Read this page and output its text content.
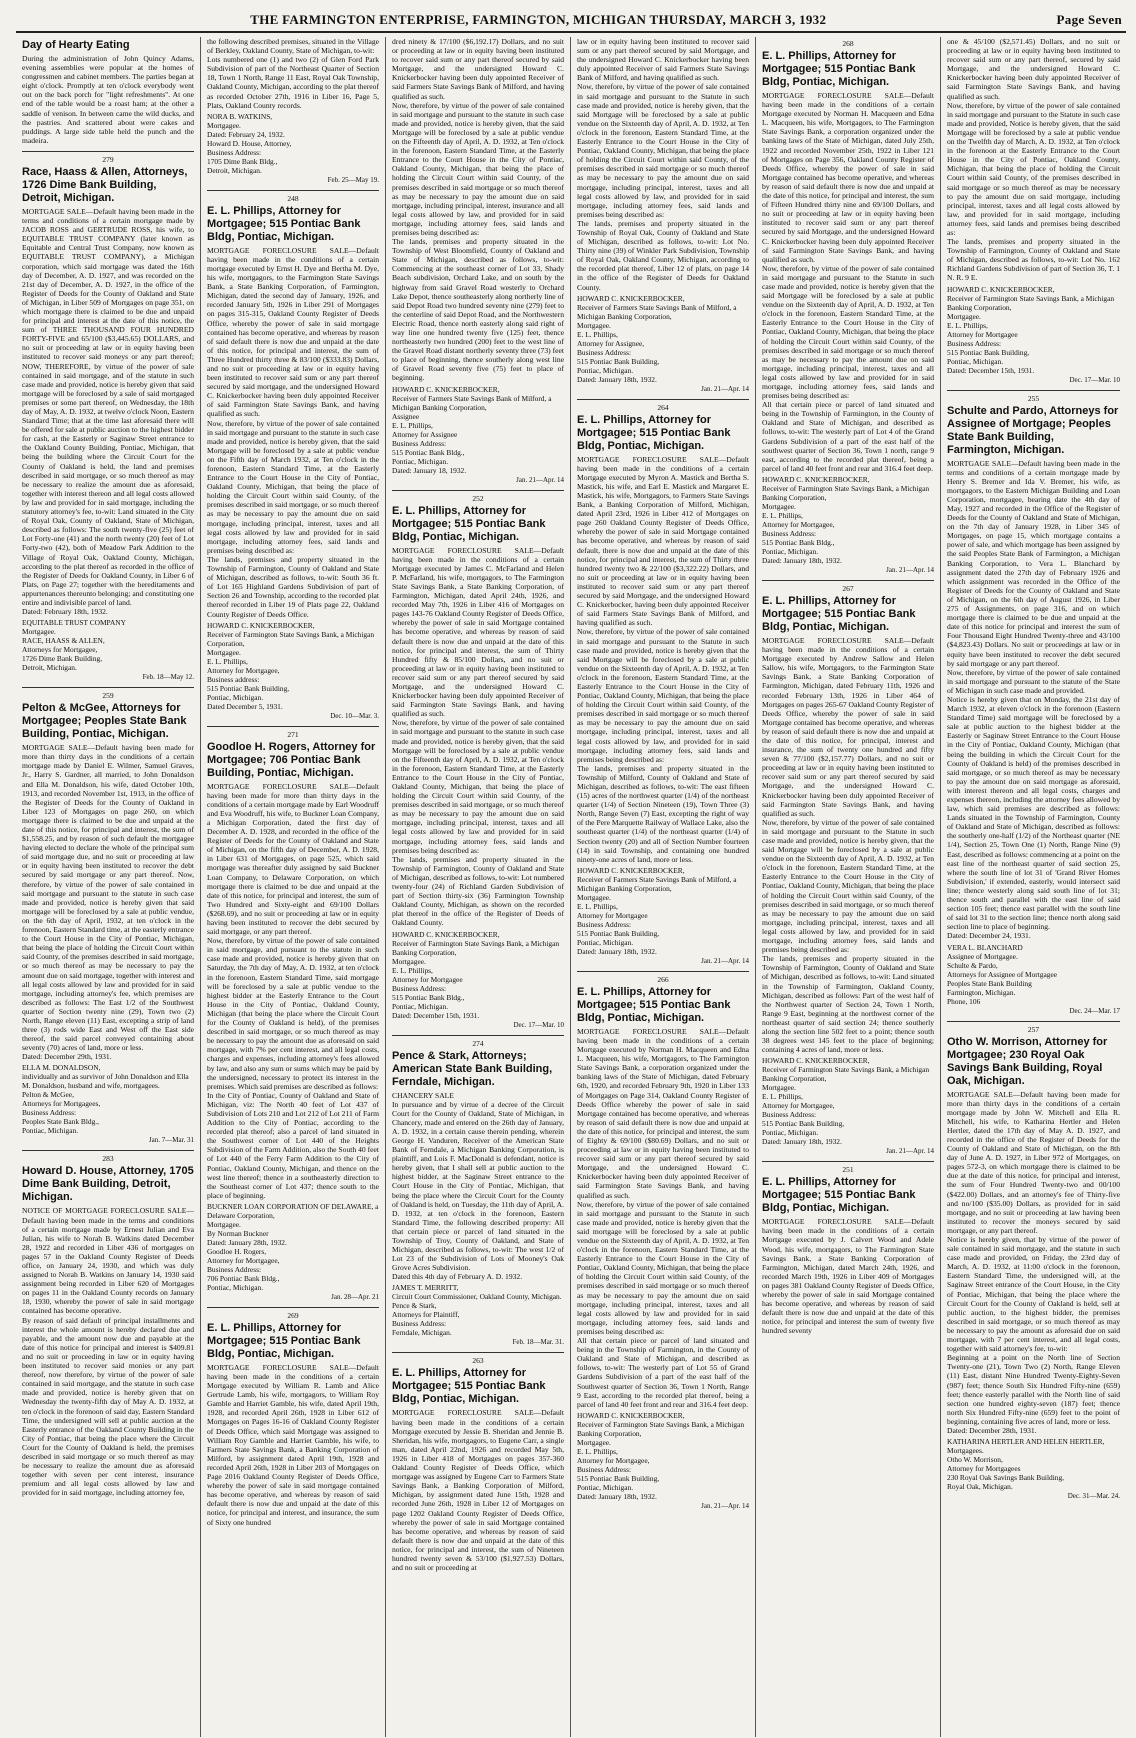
THE FARMINGTON ENTERPRISE, FARMINGTON, MICHIGAN THURSDAY, MARCH 3, 1932	Page Seven
Day of Hearty Eating
During the administration of John Quincy Adams, evening assemblies were popular at the homes of congressmen and cabinet members. The parties began at eight o'clock. Promptly at ten o'clock everybody went out on the back porch for "light refreshments". At one end of the table would be a roast ham; at the other a saddle of venison. In between came the wild ducks, and the pastries. And scattered about were cakes and puddings. A large side table held the punch and the madeira.
279
Race, Haass & Allen, Attorneys, 1726 Dime Bank Building, Detroit, Michigan.
MORTGAGE SALE—Default having been made in the terms and conditions of a certain mortgage made by JACOB ROSS and GERTRUDE ROSS, his wife, to EQUITABLE TRUST COMPANY (later known as Equitable and Central Trust Company, now known as EQUITABLE TRUST COMPANY), a Michigan corporation, which said mortgage was dated the 16th day of December, A. D. 1927, and was recorded on the 21st day of December, A. D. 1927, in the office of the Register of Deeds for the County of Oakland and State of Michigan, in Liber 509 of Mortgages on page 351, on which mortgage there is claimed to be due and unpaid for principal and interest at the date of this notice, the sum of THREE THOUSAND FOUR HUNDRED FORTY-FIVE and 65/100 ($3,445.65) DOLLARS, and no suit or proceeding at law or in equity having been instituted to recover said moneys or any part thereof; NOW, THEREFORE, by virtue of the power of sale contained in said mortgage, and of the statute in such case made and provided, notice is hereby given that said mortgage will be foreclosed by a sale of said mortgaged premises or some part thereof, on Wednesday, the 18th day of May, A. D. 1932, at twelve o'clock Noon, Eastern Standard Time; that at the time last aforesaid there will be offered for sale at public auction to the highest bidder for cash, at the Easterly or Saginaw Street entrance to the Oakland County Building, Pontiac, Michigan, that being the building where the Circuit Court for the County of Oakland is held, the land and premises described in said mortgage, or so much thereof as may be necessary to realize the amount due as aforesaid, together with interest thereon and all legal costs allowed by law and provided for in said mortgage, including the statutory attorney's fee, to-wit: Land situated in the City of Royal Oak, County of Oakland, State of Michigan, described as follows: The south twenty-five (25) feet of Lot Forty-one (41) and the north twenty (20) feet of Lot Forty-two (42), both of Meadow Park Addition to the Village of Royal Oak, Oakland County, Michigan, according to the plat thereof as recorded in the office of the Register of Deeds for Oakland County, in Liber 6 of Plats, on Page 27; together with the hereditaments and appurtenances thereunto belonging; and constituting one entire and indivisible parcel of land.
Dated: February 18th, 1932.
EQUITABLE TRUST COMPANY
Mortgagee.
RACE, HAASS & ALLEN,
Attorneys for Mortgagee,
1726 Dime Bank Building,
Detroit, Michigan.
Feb. 18—May 12.
259
Pelton & McGee, Attorneys for Mortgagee; Peoples State Bank Building, Pontiac, Michigan.
MORTGAGE SALE—Default having been made for more than thirty days in the conditions of a certain mortgage made by Daniel E. Wilmer, Samuel Graves, Jr., Harry S. Gardner, all married, to John Donaldson and Ella M. Donaldson, his wife, dated October 10th, 1913, and recorded November 1st, 1913, in the office of the Register of Deeds for the County of Oakland in Liber 123 of Mortgages on page 260, on which mortgage there is claimed to be due and unpaid at the date of this notice, for principal and interest, the sum of $1,558.25, and by reason of such default the mortgagee having elected to declare the whole of the principal sum of said mortgage due, and no suit or proceeding at law or in equity having been instituted to recover the debt secured by said mortgage or any part thereof. Now, therefore, by virtue of the power of sale contained in said mortgage and pursuant to the statute in such case made and provided, notice is hereby given that said mortgage will be foreclosed by a sale at public vendue, on the 6th day of April, 1932, at ten o'clock in the forenoon, Eastern Standard time, at the easterly entrance to the Court House in the City of Pontiac, Michigan, that being the place of holding the Circuit Court within said County, of the premises described in said mortgage, or so much thereof as may be necessary to pay the amount due on said mortgage, together with interest and all legal costs allowed by law and provided for in said mortgage, including attorney's fee, which premises are described as follows: The East 1/2 of the Southwest quarter of Section twenty nine (29), Town two (2) North, Range eleven (11) East, excepting a strip of land three (3) rods wide East and West off the East side thereof, the said parcel conveyed containing about seventy (70) acres of land, more or less.
Dated: December 29th, 1931.
ELLA M. DONALDSON,
individually and as survivor of John Donaldson and Ella M. Donaldson, husband and wife, mortgagees.
Pelton & McGee,
Attorneys for Mortgagees,
Business Address:
Peoples State Bank Bldg.,
Pontiac, Michigan.
Jan. 7—Mar. 31
283
Howard D. House, Attorney, 1705 Dime Bank Building, Detroit, Michigan.
NOTICE OF MORTGAGE FORECLOSURE SALE—Default having been made in the terms and conditions of a certain mortgage made by Ernest Julian and Eva Julian, his wife to Norah B. Watkins dated December 28, 1922 and recorded in Liber 436 of mortgages on pages 57 in the Oakland County Register of Deeds office, on January 24, 1930, and which was duly assigned to Norah B. Watkins on January 14, 1930 said assignment being recorded in Liber 620 of Mortgages on pages 11 in the Oakland County records on January 18, 1930, whereby the power of sale in said mortgage contained has become operative.
By reason of said default of principal installments and interest the whole amount is hereby declared due and payable, and the amount now due and payable at the date of this notice for principal and interest is $409.81 and no suit or proceeding in law or in equity having been instituted to recover said monies or any part thereof, now therefore, by virtue of the power of sale contained in said mortgage, and the statute in such case made and provided, notice is hereby given that on Wednesday the twenty-fifth day of May A. D. 1932, at ten o'clock in the forenoon of said day, Eastern Standard Time, the undersigned will sell at public auction at the Easterly entrance of the Oakland County Building in the City of Pontiac, that being the place where the Circuit Court for the County of Oakland is held, the premises described in said mortgage or so much thereof as may be necessary to realize the amount due as aforesaid together with seven per cent interest, insurance premium and all legal costs allowed by law and provided for in said mortgage, including attorney fee,
the following described premises, situated in the Village of Berkley, Oakland County, State of Michigan, to-wit:
Lots numbered one (1) and two (2) of Glen Ford Park Subdivision of part of the Northeast Quarter of Section 18, Town 1 North, Range 11 East, Royal Oak Township, Oakland County, Michigan, according to the plat thereof as recorded October 27th, 1916 in Liber 16, Page 5, Plats, Oakland County records.
NORA B. WATKINS,
Mortgagee.
Dated: February 24, 1932.
Howard D. House, Attorney,
Business Address:
1705 Dime Bank Bldg.,
Detroit, Michigan.
Feb. 25—May 19.
248
E. L. Phillips, Attorney for Mortgagee; 515 Pontiac Bank Bldg, Pontiac, Michigan.
MORTGAGE FORECLOSURE SALE—Default having been made in the conditions of a certain mortgage executed by Ernst H. Dye and Bertha M. Dye, his wife, mortgagors, to the Farmington State Savings Bank, a State Banking Corporation, of Farmington, Michigan, dated the second day of January, 1926, and recorded January 5th, 1926 in Liber 291 of Mortgages on pages 315-315, Oakland County Register of Deeds Office, whereby the power of sale in said mortgage contained has become operative, and whereas by reason of said default there is now due and unpaid at the date of this notice, for principal and interest, the sum of Three Hundred thirty three & 83/100 ($333.83) Dollars, and no suit or proceeding at law or in equity having been instituted to recover said sum or any part thereof secured by said mortgage, and the undersigned Howard C. Knickerbocker having been duly appointed Receiver of said Farmington State Savings Bank, and having qualified as such.
Now, therefore, by virtue of the power of sale contained in said mortgage and pursuant to the statute in such case made and provided, notice is hereby given, that the said Mortgage will be foreclosed by a sale at public vendue on the Fifth day of March 1932, at Ten o'clock in the forenoon, Eastern Standard Time, at the Easterly Entrance to the Court House in the City of Pontiac, Oakland County, Michigan, that being the place of holding the Circuit Court within said County, of the premises described in said mortgage, or so much thereof as may be necessary to pay the amount due on said mortgage, including principal, interest, taxes and all legal costs allowed by law and provided for in said mortgage, including attorney fees, said lands and premises being described as:
The lands, premises and property situated in the Township of Farmington, County of Oakland and State of Michigan, described as follows, to-wit: South 36 ft. of Lot 165 Highland Gardens Subdivision of part of Section 26 and Township, according to the recorded plat thereof recorded in Liber 19 of Plats page 22, Oakland County Register of Deeds Office.
HOWARD C. KNICKERBOCKER,
Receiver of Farmington State Savings Bank, a Michigan Corporation,
Mortgagee.
E. L. Phillips,
Attorney for Mortgagee,
Business address:
515 Pontiac Bank Building,
Pontiac, Michigan.
Dated December 5, 1931.
Dec. 10—Mar. 3.
271
Goodloe H. Rogers, Attorney for Mortgagee; 706 Pontiac Bank Building, Pontiac, Michigan.
MORTGAGE FORECLOSURE SALE—Default having been made for more than thirty days in the conditions of a certain mortgage made by Earl Woodruff and Eva Woodruff, his wife, to Buckner Loan Company, a Michigan Corporation, dated the first day of December A. D. 1928, and recorded in the office of the Register of Deeds for the County of Oakland and State of Michigan, on the fifth day of December, A. D. 1928, in Liber 631 of Mortgages, on page 525, which said mortgage was thereafter duly assigned by said Buckner Loan Company, to Delaware Corporation, on which mortgage there is claimed to be due and unpaid at the date of this notice, for principal and interest, the sum of Two Hundred and Sixty-eight and 69/100 Dollars ($268.69), and no suit or proceeding at law or in equity having been instituted to recover the debt secured by said mortgage, or any part thereof.
Now, therefore, by virtue of the power of sale contained in said mortgage, and pursuant to the statute in such case made and provided, notice is hereby given that on Saturday, the 7th day of May, A. D. 1932, at ten o'clock in the forenoon, Eastern Standard Time, said mortgage will be foreclosed by a sale at public vendue to the highest bidder at the Easterly Entrance to the Court House in the City of Pontiac, Oakland County, Michigan (that being the place where the Circuit Court for the County of Oakland is held), of the premises described in said mortgage, or so much thereof as may be necessary to pay the amount due as aforesaid on said mortgage, with 7% per cent interest, and all legal costs, charges and expenses, including attorney's fees allowed by law, and also any sum or sums which may be paid by the undersigned, necessary to protect its interest in the premises. Which said premises are described as follows:
In the City of Pontiac, County of Oakland and State of Michigan, viz: The North 40 feet of Lot 437 of Subdivision of Lots 210 and Lot 212 of Lot 211 of Farm Addition to the City of Pontiac, according to the recorded plat thereof; also a parcel of land situated in the Southwest corner of Lot 440 of the Heights Subdivision of the Farm Addition, also the South 40 feet of Lot 440 of the Ferry Farm Addition to the City of Pontiac, Oakland County, Michigan, and thence on the west line thereof; thence in a southeasterly direction to the Southeast corner of Lot 437; thence south to the place of beginning.
BUCKNER LOAN CORPORATION OF DELAWARE, a Delaware Corporation,
Mortgagee.
By Norman Buckner
Dated: January 28th, 1932.
Goodloe H. Rogers,
Attorney for Mortgagee,
Business Address:
706 Pontiac Bank Bldg.,
Pontiac, Michigan.
Jan. 28—Apr. 21
269
E. L. Phillips, Attorney for Mortgagee; 515 Pontiac Bank Bldg, Pontiac, Michigan.
MORTGAGE FORECLOSURE SALE—Default having been made in the conditions of a certain Mortgage executed by William R. Lamb and Alice Gertrude Lamb, his wife, mortgagors, to William Roy Gamble and Harriet Gamble, his wife, dated April 19th, 1928, and recorded April 26th, 1928 in Liber 612 of Mortgages on Pages 16-16 of Oakland County Register of Deeds Office, which said Mortgage was assigned to William Roy Gamble and Harriet Gamble, his wife, to Farmers State Savings Bank, a Banking Corporation of Milford, by assignment dated April 19th, 1928 and recorded April 26th, 1928 in Liber 203 of Mortgages on Page 2016 Oakland County Register of Deeds Office, whereby the power of sale in said mortgage contained has become operative, and whereas by reason of said default there is now due and unpaid at the date of this notice, for principal and interest, and insurance, the sum of Sixty one hundred
dred ninety & 17/100 ($6,192.17) Dollars, and no suit or proceeding at law or in equity having been instituted to recover said sum or any part thereof secured by said Mortgage, and the undersigned Howard C. Knickerbocker having been duly appointed Receiver of said Farmers State Savings Bank of Milford, and having qualified as such.
Now, therefore, by virtue of the power of sale contained in said mortgage and pursuant to the statute in such case made and provided, notice is hereby given, that the said Mortgage will be foreclosed by a sale at public vendue on the Fifteenth day of April, A. D. 1932, at Ten o'clock in the forenoon, Eastern Standard Time, at the Easterly Entrance to the Court House in the City of Pontiac, Oakland County, Michigan, that being the place of holding the Circuit Court within said County, of the premises described in said mortgage or so much thereof as may be necessary to pay the amount due on said mortgage, including principal, interest, insurance and all legal costs allowed by law, and provided for in said mortgage, including attorney fees, said lands and premises being described as:
The lands, premises and property situated in the Township of West Bloomfield, County of Oakland and State of Michigan, described as follows, to-wit: Commencing at the southeast corner of Lot 33, Shady Beach subdivision, Orchard Lake, and on south by the highway from said Gravel Road westerly to Orchard Lake Depot, thence southeasterly along northerly line of said Depot Road two hundred seventy nine (279) feet to the centerline of said Depot Road, and the Northwestern Electric Road, thence north easterly along said right of way line one hundred twenty five (125) feet, thence northeasterly two hundred (200) feet to the west line of the Gravel Road distant northerly seventy three (73) feet to place of beginning, thence southerly along west line of Gravel Road seventy five (75) feet to place of beginning.
HOWARD C. KNICKERBOCKER,
Receiver of Farmers State Savings Bank of Milford, a Michigan Banking Corporation,
Assignee
E. L. Phillips,
Attorney for Assignee
Business Address:
515 Pontiac Bank Bldg.,
Pontiac, Michigan.
Dated: January 18, 1932.
Jan. 21—Apr. 14
252
E. L. Phillips, Attorney for Mortgagee; 515 Pontiac Bank Bldg, Pontiac, Michigan.
MORTGAGE FORECLOSURE SALE—Default having been made in the conditions of a certain Mortgage executed by James C. McFarland and Helen P. McFarland, his wife, mortgagors, to The Farmington State Savings Bank, a State Banking Corporation, of Farmington, Michigan, dated April 24th, 1926, and recorded May 7th, 1926 in Liber 416 of Mortgages on pages 143-76 Oakland County Register of Deeds Office, whereby the power of sale in said Mortgage contained has become operative, and whereas by reason of said default there is now due and unpaid at the date of this notice, for principal and interest, the sum of Thirty Hundred fifty & 85/100 Dollars, and no suit or proceeding at law or in equity having been instituted to recover said sum or any part thereof secured by said Mortgage, and the undersigned Howard C. Knickerbocker having been duly appointed Receiver of said Farmington State Savings Bank, and having qualified as such.
Now, therefore, by virtue of the power of sale contained in said mortgage and pursuant to the statute in such case made and provided, notice is hereby given, that the said Mortgage will be foreclosed by a sale at public vendue on the Fifteenth day of April, A. D. 1932, at Ten o'clock in the forenoon, Eastern Standard Time, at the Easterly Entrance to the Court House in the City of Pontiac, Oakland County, Michigan, that being the place of holding the Circuit Court within said County, of the premises described in said mortgage, or so much thereof as may be necessary to pay the amount due on said mortgage, including principal, interest, taxes and all legal costs allowed by law and provided for in said mortgage, including attorney fees, said lands and premises being described as:
The lands, premises and property situated in the Township of Farmington, County of Oakland and State of Michigan, described as follows, to-wit: Lot numbered twenty-four (24) of Richland Garden Subdivision of part of Section thirty-six (36) Farmington Township Oakland County, Michigan, as shown on the recorded plat thereof in the office of the Register of Deeds of Oakland County.
HOWARD C. KNICKERBOCKER,
Receiver of Farmington State Savings Bank, a Michigan Banking Corporation,
Mortgagee.
E. L. Phillips,
Attorney for Mortgagee
Business Address:
515 Pontiac Bank Bldg.,
Pontiac, Michigan.
Dated: December 15th, 1931.
Dec. 17—Mar. 10
274
Pence & Stark, Attorneys; American State Bank Building, Ferndale, Michigan.
CHANCERY SALE
In pursuance and by virtue of a decree of the Circuit Court for the County of Oakland, State of Michigan, in Chancery, made and entered on the 26th day of January, A. D. 1932, in a certain cause therein pending, wherein George H. Vanduren, Receiver of the American State Bank of Ferndale, a Michigan Banking Corporation, is plaintiff, and Lois F. MacDonald is defendant, notice is hereby given, that I shall sell at public auction to the highest bidder, at the Saginaw Street entrance to the Court House in the City of Pontiac, Michigan, that being the place where the Circuit Court for the County of Oakland is held, on Tuesday, the 11th day of April, A. D. 1932, at ten o'clock in the forenoon, Eastern Standard Time, the following described property: All that certain piece or parcel of land situated in the Township of Troy, County of Oakland, and State of Michigan, described as follows, to-wit: The west 1/2 of Lot 23 of the Subdivision of Lots of Mooney's Oak Grove Acres Subdivision.
Dated this 4th day of February A. D. 1932.
JAMES T. MERRITT,
Circuit Court Commissioner, Oakland County, Michigan.
Pence & Stark,
Attorneys for Plaintiff,
Business Address:
Ferndale, Michigan.
Feb. 18—Mar. 31.
263
E. L. Phillips, Attorney for Mortgagee; 515 Pontiac Bank Bldg, Pontiac, Michigan.
MORTGAGE FORECLOSURE SALE—Default having been made in the conditions of a certain Mortgage executed by Jessie B. Sheridan and Jennie B. Sheridan, his wife, mortgagors, to Eugene Carr, a single man, dated April 22nd, 1926 and recorded May 5th, 1926 in Liber 418 of Mortgages on pages 357-360 Oakland County Register of Deeds Office, which mortgage was assigned by Eugene Carr to Farmers State Savings Bank, a Banking Corporation of Milford, Michigan, by assignment dated June 15th, 1928 and recorded June 26th, 1928 in Liber 12 of Mortgages on page 1202 Oakland County Register of Deeds Office, whereby the power of sale in said Mortgage contained has become operative, and whereas by reason of said default there is now due and unpaid at the date of this notice, for principal and interest, the sum of Nineteen hundred twenty seven & 53/100 ($1,927.53) Dollars, and no suit or proceeding at
law or in equity having been instituted to recover said sum or any part thereof secured by said Mortgage, and the undersigned Howard C. Knickerbocker having been duly appointed Receiver of said Farmers State Savings Bank of Milford, and having qualified as such.
Now, therefore, by virtue of the power of sale contained in said mortgage and pursuant to the Statute in such case made and provided, notice is hereby given, that the said Mortgage will be foreclosed by a sale at public vendue on the Sixteenth day of April, A. D. 1932, at Ten o'clock in the forenoon, Eastern Standard Time, at the Easterly Entrance to the Court House in the City of Pontiac, Oakland County, Michigan, that being the place of holding the Circuit Court within said County, of the premises described in said mortgage or so much thereof as may be necessary to pay the amount due on said mortgage, including principal, interest, taxes and all legal costs allowed by law, and provided for in said mortgage, including attorney fees, said lands and premises being described as:
The lands, premises and property situated in the Township of Royal Oak, County of Oakland and State of Michigan, described as follows, to-wit: Lot No. Thirty nine (39) of Winkler Park Subdivision, Township of Royal Oak, Oakland County, Michigan, according to the recorded plat thereof, Liber 12 of plats, on page 14 in the office of the Register of Deeds for Oakland County.
HOWARD C. KNICKERBOCKER,
Receiver of Farmers State Savings Bank of Milford, a Michigan Banking Corporation,
Mortgagee.
E. L. Phillips,
Attorney for Assignee,
Business Address:
515 Pontiac Bank Building,
Pontiac, Michigan.
Dated: January 18th, 1932.
Jan. 21—Apr. 14
264
E. L. Phillips, Attorney for Mortgagee; 515 Pontiac Bank Bldg, Pontiac, Michigan.
MORTGAGE FORECLOSURE SALE—Default having been made in the conditions of a certain Mortgage executed by Myron A. Mastick and Bertha S. Mastick, his wife, and Earl E. Mastick and Margaret E. Mastick, his wife, Mortgagors, to Farmers State Savings Bank, a Banking Corporation of Milford, Michigan, dated April 23rd, 1926 in Liber 412 of Mortgages on page 260 Oakland County Register of Deeds Office, whereby the power of sale in said Mortgage contained has become operative, and whereas by reason of said default, there is now due and unpaid at the date of this notice, for principal and interest, the sum of Thirty three hundred twenty two & 22/100 ($3,322.22) Dollars, and no suit or proceeding at law or in equity having been instituted to recover said sum or any part thereof secured by said Mortgage, and the undersigned Howard C. Knickerbocker, having been duly appointed Receiver of said Farmers State Savings Bank of Milford, and having qualified as such.
Now, therefore, by virtue of the power of sale contained in said mortgage and pursuant to the Statute in such case made and provided, notice is hereby given that the said Mortgage will be foreclosed by a sale at public vendue on the Sixteenth day of April, A. D. 1932, at Ten o'clock in the forenoon, Eastern Standard Time, at the Easterly Entrance to the Court House in the City of Pontiac, Oakland County, Michigan, that being the place of holding the Circuit Court within said County, of the premises described in said mortgage or so much thereof as may be necessary to pay the amount due on said mortgage, including principal, interest, taxes and all legal costs allowed by law, and provided for in said mortgage, including attorney fees, said lands and premises being described as:
The lands, premises and property situated in the Township of Milford, County of Oakland and State of Michigan, described as follows, to-wit: The east fifteen (15) acres of the northwest quarter (1/4) of the northeast quarter (1/4) of Section Nineteen (19), Town Three (3) North, Range Seven (7) East, excepting the right of way of the Pere Marquette Railway of Wallace Lake, also the southeast quarter (1/4) of the northeast quarter (1/4) of Section twenty (20) and all of Section Number fourteen (14) in said Township, and containing one hundred ninety-one acres of land, more or less.
HOWARD C. KNICKERBOCKER,
Receiver of Farmers State Savings Bank of Milford, a Michigan Banking Corporation,
Mortgagee.
E. L. Phillips,
Attorney for Mortgagee
Business Address:
515 Pontiac Bank Building,
Pontiac, Michigan.
Dated: January 18th, 1932.
Jan. 21—Apr. 14
266
E. L. Phillips, Attorney for Mortgagee; 515 Pontiac Bank Bldg, Pontiac, Michigan.
MORTGAGE FORECLOSURE SALE—Default having been made in the conditions of a certain Mortgage executed by Norman H. Macqueen and Edna L. Macqueen, his wife, Mortgagors, to The Farmington State Savings Bank, a corporation organized under the banking laws of the State of Michigan, dated February 6th, 1920, and recorded February 9th, 1920 in Liber 133 of Mortgages on Page 314, Oakland County Register of Deeds Office whereby the power of sale in said Mortgage contained has become operative, and whereas by reason of said default there is now due and unpaid at the date of this notice, for principal and interest, the sum of Eighty & 69/100 ($80.69) Dollars, and no suit or proceeding at law or in equity having been instituted to recover said sum or any part thereof secured by said Mortgage, and the undersigned Howard C. Knickerbocker having been duly appointed Receiver of said Farmington State Savings Bank, and having qualified as such.
Now, therefore, by virtue of the power of sale contained in said mortgage and pursuant to the Statute in such case made and provided, notice is hereby given that the said mortgage will be foreclosed by a sale at public vendue on the Sixteenth day of April, A. D. 1932, at Ten o'clock in the forenoon, Eastern Standard Time, at the Easterly Entrance to the Court House in the City of Pontiac, Oakland County, Michigan, that being the place of holding the Circuit Court within said County, of the premises described in said mortgage or so much thereof as may be necessary to pay the amount due on said mortgage, including principal, interest, taxes and all legal costs allowed by law and provided for in said mortgage, including attorney fees, said lands and premises being described as:
All that certain piece or parcel of land situated and being in the Township of Farmington, in the County of Oakland and State of Michigan, and described as follows, to-wit: The westerly part of Lot 55 of Grand Gardens Subdivision of a part of the east half of the Southwest quarter of Section 36, Town 1 North, Range 9 East, according to the recorded plat thereof, being a parcel of land 40 feet front and rear and 316.4 feet deep.
HOWARD C. KNICKERBOCKER,
Receiver of Farmington State Savings Bank, a Michigan Banking Corporation,
Mortgagee.
E. L. Phillips,
Attorney for Mortgagee,
Business Address:
515 Pontiac Bank Building,
Pontiac, Michigan.
Dated: January 18th, 1932.
Jan. 21—Apr. 14
268
E. L. Phillips, Attorney for Mortgagee; 515 Pontiac Bank Bldg, Pontiac, Michigan.
MORTGAGE FORECLOSURE SALE—Default having been made in the conditions of a certain Mortgage executed by Norman H. Macqueen and Edna L. Macqueen, his wife, Mortgagors, to The Farmington State Savings Bank, a corporation organized under the banking laws of the State of Michigan, dated July 25th, 1922 and recorded November 25th, 1922 in Liber 121 of Mortgages on Page 356, Oakland County Register of Deeds Office, whereby the power of sale in said Mortgage contained has become operative, and whereas by reason of said default there is now due and unpaid at the date of this notice, for principal and interest, the sum of Fifteen Hundred thirty nine and 69/100 Dollars, and no suit or proceeding at law or in equity having been instituted to recover said sum or any part thereof secured by said Mortgage, and the undersigned Howard C. Knickerbocker having been duly appointed Receiver of said Farmington State Savings Bank, and having qualified as such.
Now, therefore, by virtue of the power of sale contained in said mortgage and pursuant to the Statute in such case made and provided, notice is hereby given that the said Mortgage will be foreclosed by a sale at public vendue on the Sixteenth day of April, A. D. 1932, at Ten o'clock in the forenoon, Eastern Standard Time, at the Easterly Entrance to the Court House in the City of Pontiac, Oakland County, Michigan, that being the place of holding the Circuit Court within said County, of the premises described in said mortgage or so much thereof as may be necessary to pay the amount due on said mortgage, including principal, interest, taxes and all legal costs allowed by law and provided for in said mortgage, including attorney fees, said lands and premises being described as:
All that certain piece or parcel of land situated and being in the Township of Farmington, in the County of Oakland and State of Michigan, and described as follows, to-wit: The westerly part of Lot 4 of the Grand Gardens Subdivision of a part of the east half of the southwest quarter of Section 36, Town 1 north, range 9 east, according to the recorded plat thereof, being a parcel of land 40 feet front and rear and 316.4 feet deep.
HOWARD C. KNICKERBOCKER,
Receiver of Farmington State Savings Bank, a Michigan Banking Corporation,
Mortgagee.
E. L. Phillips,
Attorney for Mortgagee,
Business Address:
515 Pontiac Bank Bldg.,
Pontiac, Michigan.
Dated: January 18th, 1932.
Jan. 21—Apr. 14
267
E. L. Phillips, Attorney for Mortgagee; 515 Pontiac Bank Bldg, Pontiac, Michigan.
MORTGAGE FORECLOSURE SALE—Default having been made in the conditions of a certain Mortgage executed by Andrew Sallow and Helen Sallow, his wife, Mortgagors, to the Farmington State Savings Bank, a State Banking Corporation of Farmington, Michigan, dated February 11th, 1926 and recorded February 13th, 1926 in Liber 464 of Mortgages on pages 265-67 Oakland County Register of Deeds Office, whereby the power of sale in said Mortgage contained has become operative, and whereas by reason of said default there is now due and unpaid at the date of this notice, for principal, interest and insurance, the sum of twenty one hundred and fifty seven & 77/100 ($2,157.77) Dollars, and no suit or proceeding at law or in equity having been instituted to recover said sum or any part thereof secured by said Mortgage, and the undersigned Howard C. Knickerbocker having been duly appointed Receiver of said Farmington State Savings Bank, and having qualified as such.
Now, therefore, by virtue of the power of sale contained in said mortgage and pursuant to the Statute in such case made and provided, notice is hereby given, that the said Mortgage will be foreclosed by a sale at public vendue on the Sixteenth day of April, A. D. 1932, at Ten o'clock in the forenoon, Eastern Standard Time, at the Easterly Entrance to the Court House in the City of Pontiac, Oakland County, Michigan, that being the place of holding the Circuit Court within said County, of the premises described in said mortgage, or so much thereof as may be necessary to pay the amount due on said mortgage, including principal, interest, taxes and all legal costs allowed by law, and provided for in said mortgage, including attorney fees, said lands and premises being described as:
The lands, premises and property situated in the Township of Farmington, County of Oakland and State of Michigan, described as follows, to-wit: Land situated in the Township of Farmington, Oakland County, Michigan, described as follows: Part of the west half of the Northwest quarter of Section 24, Town 1 North, Range 9 East, beginning at the northwest corner of the northeast quarter of said section 24; thence southerly along the section line 502 feet to a point; thence south 38 degrees west 145 feet to the place of beginning; containing 4 acres of land, more or less.
HOWARD C. KNICKERBOCKER,
Receiver of Farmington State Savings Bank, a Michigan Banking Corporation,
Mortgagee.
E. L. Phillips,
Attorney for Mortgagee,
Business Address:
515 Pontiac Bank Building,
Pontiac, Michigan.
Dated: January 18th, 1932.
Jan. 21—Apr. 14
251
E. L. Phillips, Attorney for Mortgagee; 515 Pontiac Bank Bldg, Pontiac, Michigan.
MORTGAGE FORECLOSURE SALE—Default having been made in the conditions of a certain Mortgage executed by J. Calvert Wood and Adele Wood, his wife, mortgagors, to The Farmington State Savings Bank, a State Banking Corporation of Farmington, Michigan, dated March 24th, 1926, and recorded March 19th, 1926 in Liber 409 of Mortgages on pages 381 Oakland County Register of Deeds Office, whereby the power of sale in said Mortgage contained has become operative, and whereas by reason of said default there is now due and unpaid at the date of this notice, for principal and interest the sum of twenty five hundred seventy
one & 45/100 ($2,571.45) Dollars, and no suit or proceeding at law or in equity having been instituted to recover said sum or any part thereof, secured by said Mortgage, and the undersigned Howard C. Knickerbocker having been duly appointed Receiver of said Farmington State Savings Bank, and having qualified as such.
Now, therefore, by virtue of the power of sale contained in said mortgage and pursuant to the Statute in such case made and provided, Notice is hereby given, that the said Mortgage will be foreclosed by a sale at public vendue on the Twelfth day of March, A. D. 1932, at Ten o'clock in the forenoon at the Easterly Entrance to the Court House in the City of Pontiac, Oakland County, Michigan, that being the place of holding the Circuit Court within said County, of the premises described in said mortgage or so much thereof as may be necessary to pay the amount due on said mortgage, including principal, interest, taxes and all legal costs allowed by law, and provided for in said mortgage, including attorney fees, said lands and premises being described as:
The lands, premises and property situated in the Township of Farmington, County of Oakland and State of Michigan, described as follows, to-wit: Lot No. 162 Richland Gardens Subdivision of part of Section 36, T. 1 N. R. 9 E.
HOWARD C. KNICKERBOCKER,
Receiver of Farmington State Savings Bank, a Michigan Banking Corporation,
Mortgagee.
E. L. Phillips,
Attorney for Mortgagee
Business Address:
515 Pontiac Bank Building,
Pontiac, Michigan.
Dated: December 15th, 1931.
Dec. 17—Mar. 10
255
Schulte and Pardo, Attorneys for Assignee of Mortgage; Peoples State Bank Building, Farmington, Michigan.
MORTGAGE SALE—Default having been made in the terms and conditions of a certain mortgage made by Henry S. Bremer and Ida V. Bremer, his wife, as mortgagors, to the Eastern Michigan Building and Loan Corporation, mortgagee, bearing date the 4th day of May, 1927 and recorded in the Office of the Register of Deeds for the County of Oakland and State of Michigan, on the 7th day of January 1928, in Liber 345 of Mortgages, on page 15, which mortgage contains a power of sale, and which mortgage has been assigned by the said Peoples State Bank of Farmington, a Michigan Banking Corporation, to Vera L. Blanchard by assignment dated the 27th day of February 1926 and which assignment was recorded in the Office of the Register of Deeds for the County of Oakland and State of Michigan, on the 6th day of August 1926, in Liber 275 of Assignments, on page 316, and on which mortgage there is claimed to be due and unpaid at the date of this notice for principal and interest the sum of Four Thousand Eight Hundred Twenty-three and 43/100 ($4,823.43) Dollars. No suit or proceedings at law or in equity have been instituted to recover the debt secured by said mortgage or any part thereof.
Now, therefore, by virtue of the power of sale contained in said mortgage and pursuant to the statute of the State of Michigan in such case made and provided.
Notice is hereby given that on Monday, the 21st day of March 1932, at eleven o'clock in the forenoon (Eastern Standard Time) said mortgage will be foreclosed by a sale at public auction to the highest bidder at the Easterly or Saginaw Street Entrance to the Court House in the City of Pontiac, Oakland County, Michigan (that being the building in which the Circuit Court for the County of Oakland is held) of the premises described in said mortgage, or so much thereof as may be necessary to pay the amount due on said mortgage as aforesaid, with interest thereon and all legal costs, charges and expenses thereon, including the attorney fees allowed by law, which said premises are described as follows: Lands situated in the Township of Farmington, County of Oakland and State of Michigan, described as follows: the southerly one-half (1/2) of the Northeast quarter (NE 1/4), Section 25, Town One (1) North, Range Nine (9) East, described as follows: commencing at a point on the east line of the northeast quarter of said section 25, where the south line of lot 31 of 'Grand River Homes Subdivision,' if extended, easterly, would intersect said line; thence westerly along said south line of lot 31; thence south and parallel with the east line of said section 105 feet; thence east parallel with the south line of said lot 31 to the section line; thence north along said section line to place of beginning.
Dated: December 24, 1931.
VERA L. BLANCHARD
Assignee of Mortgagee.
Schulte & Pardo,
Attorneys for Assignee of Mortgagee
Peoples State Bank Building
Farmington, Michigan.
Phone, 106
Dec. 24—Mar. 17
257
Otho W. Morrison, Attorney for Mortgagee; 230 Royal Oak Savings Bank Building, Royal Oak, Michigan.
MORTGAGE SALE—Default having been made for more than thirty days in the conditions of a certain mortgage made by John W. Mitchell and Ella R. Mitchell, his wife, to Katharina Hertler and Helen Hertler, dated the 17th day of May A. D. 1927, and recorded in the office of the Register of Deeds for the County of Oakland and State of Michigan, on the 8th day of June A. D. 1927, in Liber 972 of Mortgages, on pages 572-3, on which mortgage there is claimed to be due at the date of this notice, for principal and interest, the sum of Four Hundred Twenty-two and 00/100 ($422.00) Dollars, and an attorney's fee of Thirty-five and no/100 ($35.00) Dollars, as provided for in said mortgage, and no suit or proceeding at law having been instituted to recover the moneys secured by said mortgage, or any part thereof.
Notice is hereby given, that by virtue of the power of sale contained in said mortgage, and the statute in such case made and provided, on Friday, the 23rd day of March, A. D. 1932, at 11:00 o'clock in the forenoon, Eastern Standard Time, the undersigned will, at the Saginaw Street entrance of the Court House, in the City of Pontiac, Michigan, that being the place where the Circuit Court for the County of Oakland is held, sell at public auction, to the highest bidder, the premises described in said mortgage, or so much thereof as may be necessary to pay the amount as aforesaid due on said mortgage, with 7 per cent interest, and all legal costs, together with said attorney's fee, to-wit:
Beginning at a point on the North line of Section Twenty-one (21), Town Two (2) North, Range Eleven (11) East, distant Nine Hundred Twenty-Eighty-Seven (987) feet; thence South Six Hundred Fifty-nine (659) feet; thence easterly parallel with the North line of said section one hundred eighty-seven (187) feet; thence north Six Hundred Fifty-nine (659) feet to the point of beginning, containing five acres of land, more or less.
Dated: December 28th, 1931.
KATHARINA HERTLER AND HELEN HERTLER,
Mortgagees.
Otho W. Morrison,
Attorney for Mortgagees
230 Royal Oak Savings Bank Building,
Royal Oak, Michigan.
Dec. 31—Mar. 24.
